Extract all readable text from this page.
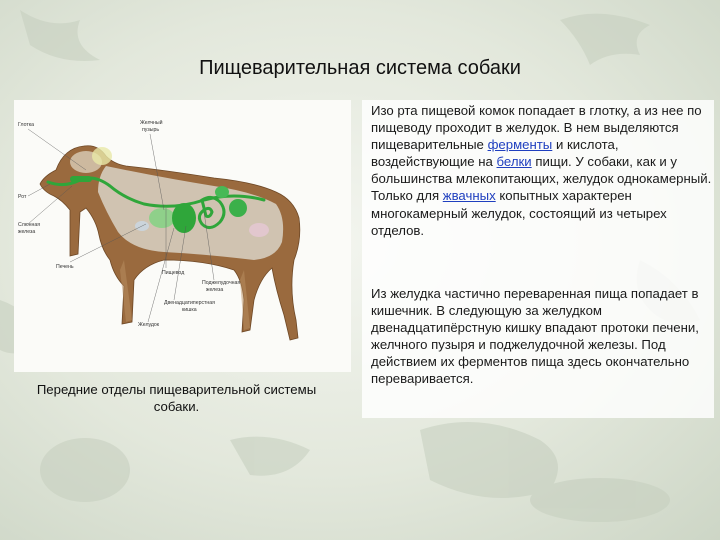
Пищеварительная система собаки
Глотка	Желчный
пузырь
Рот
Слюнная
железа
Печень
Пищевод
Поджелудочная
железа
Двенадцатиперстная
кишка
Желудок
Передние отделы пищеварительной системы собаки.

Изо рта пищевой комок попадает в глотку, а из нее по пищеводу проходит в желудок. В нем выделяются пищеварительные ферменты и кислота, воздействующие на белки пищи. У собаки, как и у большинства млекопитающих, желудок однокамерный. Только для жвачных копытных характерен многокамерный желудок, состоящий из четырех отделов.

Из желудка частично переваренная пища попадает в кишечник. В следующую за желудком двенадцатипёрстную кишку впадают протоки печени, желчного пузыря и поджелудочной железы. Под действием их ферментов пища здесь окончательно переваривается.
